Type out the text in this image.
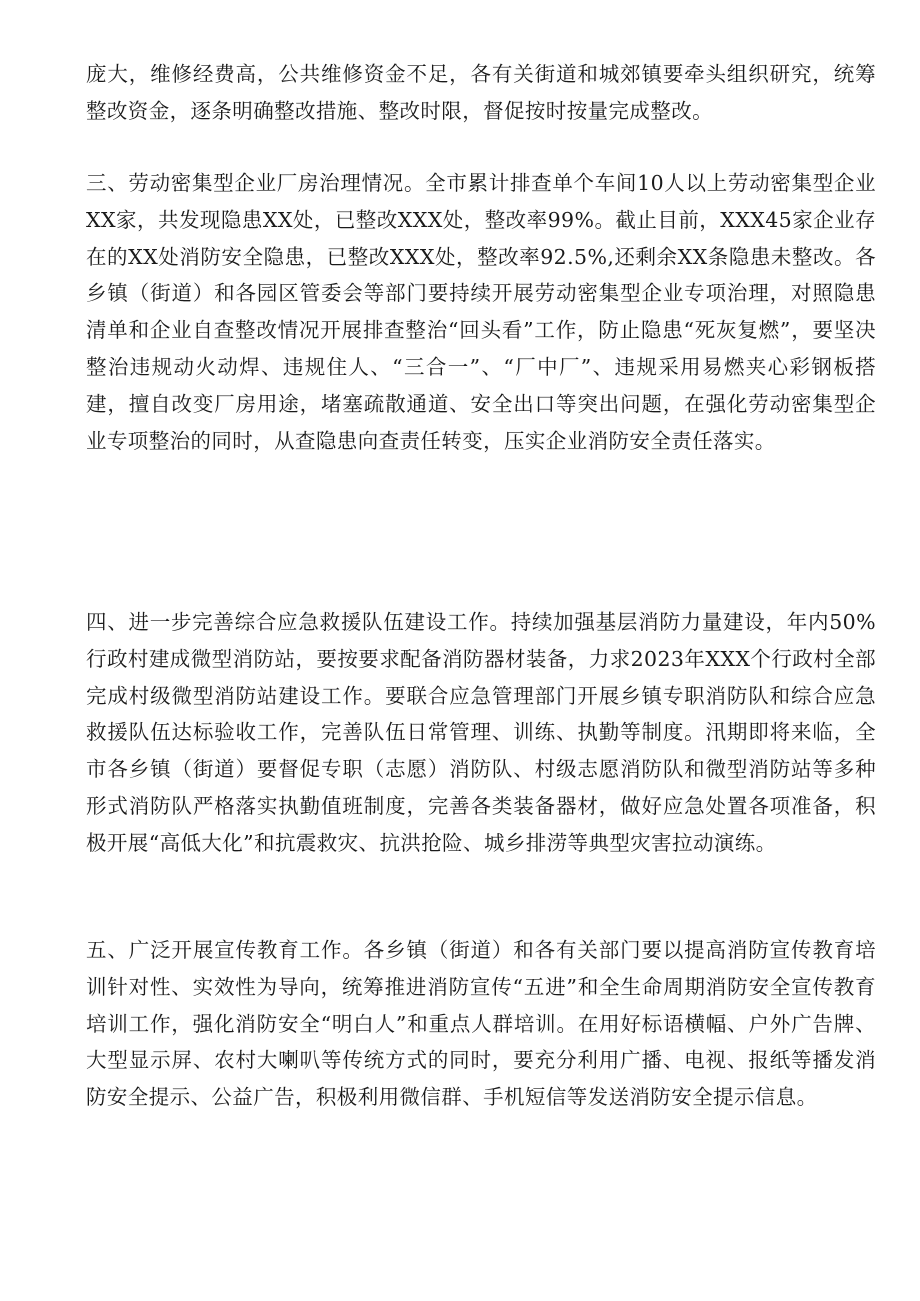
庞大，维修经费高，公共维修资金不足，各有关街道和城郊镇要牵头组织研究，统筹整改资金，逐条明确整改措施、整改时限，督促按时按量完成整改。

三、劳动密集型企业厂房治理情况。全市累计排查单个车间10人以上劳动密集型企业XX家，共发现隐患XX处，已整改XXX处，整改率99%。截止目前，XXX45家企业存在的XX处消防安全隐患，已整改XXX处，整改率92.5%,还剩余XX条隐患未整改。各乡镇（街道）和各园区管委会等部门要持续开展劳动密集型企业专项治理，对照隐患清单和企业自查整改情况开展排查整治“回头看”工作，防止隐患“死灰复燃”，要坚决整治违规动火动焊、违规住人、“三合一”、“厂中厂”、违规采用易燃夹心彩钢板搭建，擅自改变厂房用途，堵塞疏散通道、安全出口等突出问题，在强化劳动密集型企业专项整治的同时，从查隐患向查责任转变，压实企业消防安全责任落实。

四、进一步完善综合应急救援队伍建设工作。持续加强基层消防力量建设，年内50%行政村建成微型消防站，要按要求配备消防器材装备，力求2023年XXX个行政村全部完成村级微型消防站建设工作。要联合应急管理部门开展乡镇专职消防队和综合应急救援队伍达标验收工作，完善队伍日常管理、训练、执勤等制度。汛期即将来临，全市各乡镇（街道）要督促专职（志愿）消防队、村级志愿消防队和微型消防站等多种形式消防队严格落实执勤值班制度，完善各类装备器材，做好应急处置各项准备，积极开展“高低大化”和抗震救灾、抗洪抢险、城乡排涝等典型灾害拉动演练。

五、广泛开展宣传教育工作。各乡镇（街道）和各有关部门要以提高消防宣传教育培训针对性、实效性为导向，统筹推进消防宣传“五进”和全生命周期消防安全宣传教育培训工作，强化消防安全“明白人”和重点人群培训。在用好标语横幅、户外广告牌、大型显示屏、农村大喇叭等传统方式的同时，要充分利用广播、电视、报纸等播发消防安全提示、公益广告，积极利用微信群、手机短信等发送消防安全提示信息。
